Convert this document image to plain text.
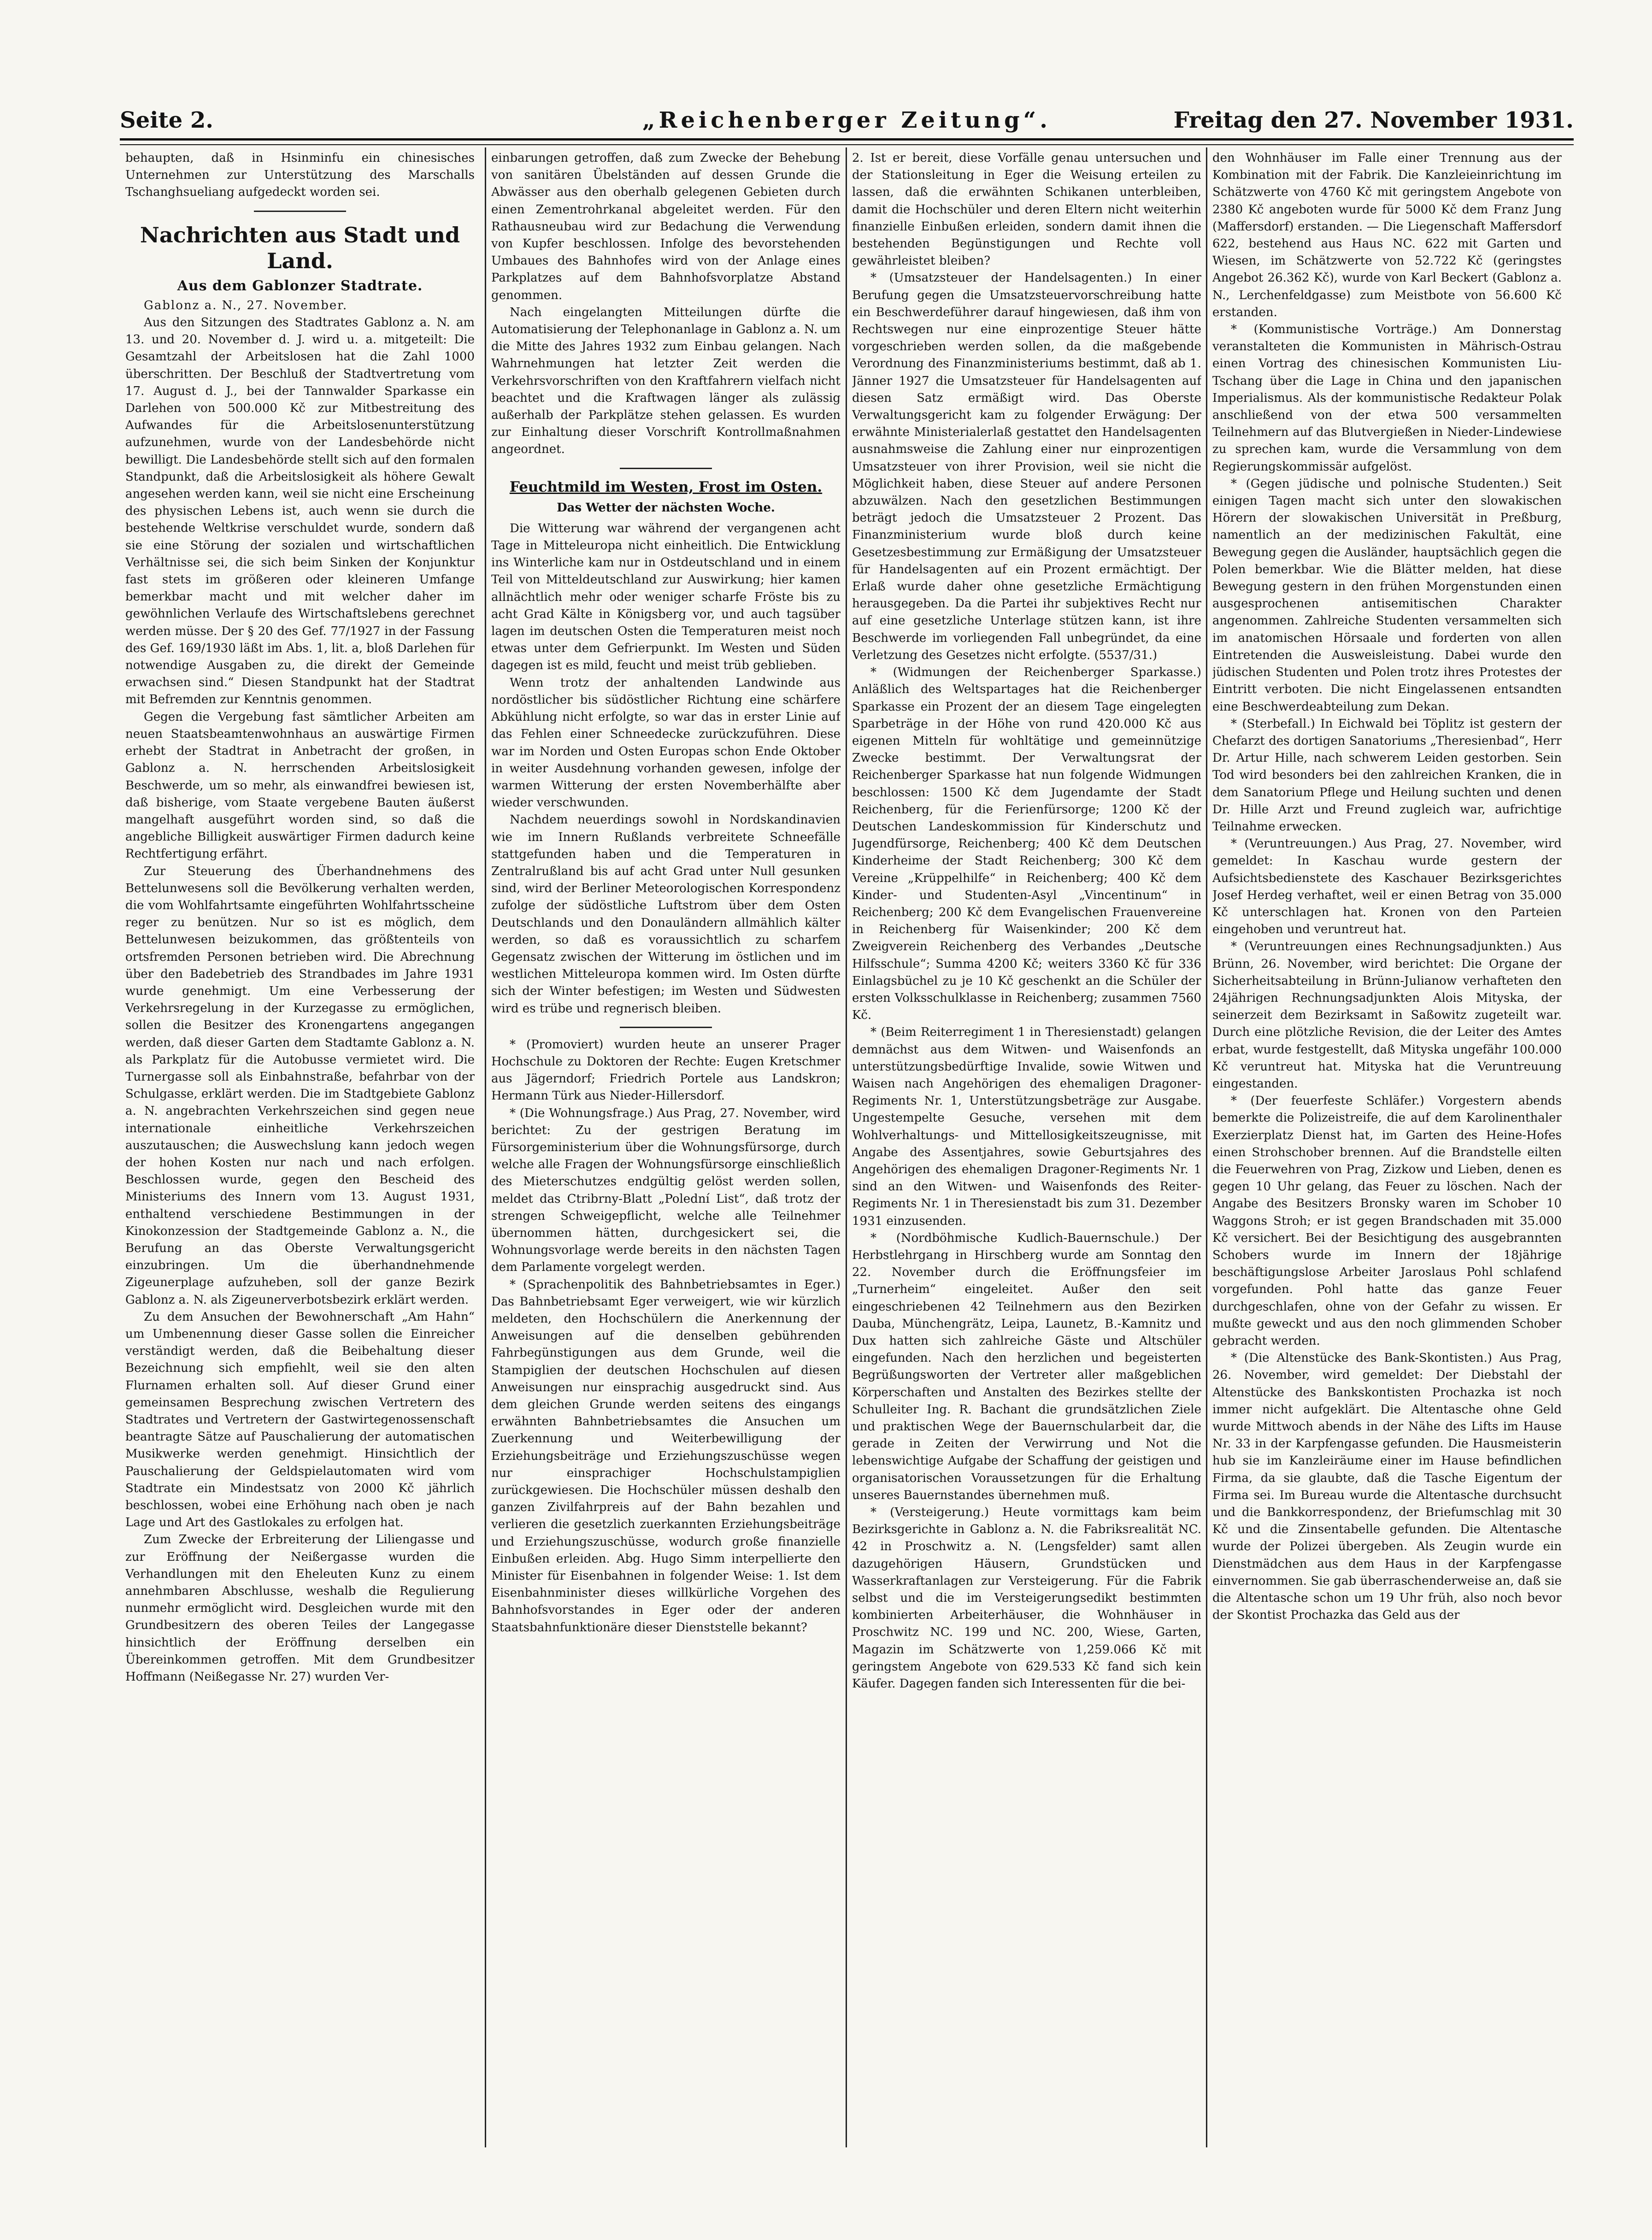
Seite 2.	„Reichenberger Zeitung“.	Freitag den 27. November 1931.

behaupten, daß in Hsinminfu ein chinesisches Unternehmen zur Unterstützung des Marschalls Tschanghsueliang aufgedeckt worden sei.

Nachrichten aus Stadt und Land.
Aus dem Gablonzer Stadtrate.

Gablonz a. N., 27. November.

Aus den Sitzungen des Stadtrates Gablonz a. N. am 13. und 20. November d. J. wird u. a. mitgeteilt: Die Gesamtzahl der Arbeitslosen hat die Zahl 1000 überschritten. Der Beschluß der Stadtvertretung vom 17. August d. J., bei der Tannwalder Sparkasse ein Darlehen von 500.000 Kč zur Mitbestreitung des Aufwandes für die Arbeitslosenunterstützung aufzunehmen, wurde von der Landesbehörde nicht bewilligt. Die Landesbehörde stellt sich auf den formalen Standpunkt, daß die Arbeitslosigkeit als höhere Gewalt angesehen werden kann, weil sie nicht eine Erscheinung des physischen Lebens ist, auch wenn sie durch die bestehende Weltkrise verschuldet wurde, sondern daß sie eine Störung der sozialen und wirtschaftlichen Verhältnisse sei, die sich beim Sinken der Konjunktur fast stets im größeren oder kleineren Umfange bemerkbar macht und mit welcher daher im gewöhnlichen Verlaufe des Wirtschaftslebens gerechnet werden müsse. Der § 20 des Gef. 77/1927 in der Fassung des Gef. 169/1930 läßt im Abs. 1, lit. a, bloß Darlehen für notwendige Ausgaben zu, die direkt der Gemeinde erwachsen sind.“ Diesen Standpunkt hat der Stadtrat mit Befremden zur Kenntnis genommen.

Gegen die Vergebung fast sämtlicher Arbeiten am neuen Staatsbeamtenwohnhaus an auswärtige Firmen erhebt der Stadtrat in Anbetracht der großen, in Gablonz a. N. herrschenden Arbeitslosigkeit Beschwerde, um so mehr, als einwandfrei bewiesen ist, daß bisherige, vom Staate vergebene Bauten äußerst mangelhaft ausgeführt worden sind, so daß die angebliche Billigkeit auswärtiger Firmen dadurch keine Rechtfertigung erfährt.

Zur Steuerung des Überhandnehmens des Bettelunwesens soll die Bevölkerung verhalten werden, die vom Wohlfahrtsamte eingeführten Wohlfahrtsscheine reger zu benützen. Nur so ist es möglich, dem Bettelunwesen beizukommen, das größtenteils von ortsfremden Personen betrieben wird. Die Abrechnung über den Badebetrieb des Strandbades im Jahre 1931 wurde genehmigt. Um eine Verbesserung der Verkehrsregelung in der Kurzegasse zu ermöglichen, sollen die Besitzer des Kronengartens angegangen werden, daß dieser Garten dem Stadtamte Gablonz a. N. als Parkplatz für die Autobusse vermietet wird. Die Turnergasse soll als Einbahnstraße, befahrbar von der Schulgasse, erklärt werden. Die im Stadtgebiete Gablonz a. N. angebrachten Verkehrszeichen sind gegen neue internationale einheitliche Verkehrszeichen auszutauschen; die Auswechslung kann jedoch wegen der hohen Kosten nur nach und nach erfolgen. Beschlossen wurde, gegen den Bescheid des Ministeriums des Innern vom 13. August 1931, enthaltend verschiedene Bestimmungen in der Kinokonzession der Stadtgemeinde Gablonz a. N., die Berufung an das Oberste Verwaltungsgericht einzubringen. Um die überhandnehmende Zigeunerplage aufzuheben, soll der ganze Bezirk Gablonz a. N. als Zigeunerverbotsbezirk erklärt werden.

Zu dem Ansuchen der Bewohnerschaft „Am Hahn“ um Umbenennung dieser Gasse sollen die Einreicher verständigt werden, daß die Beibehaltung dieser Bezeichnung sich empfiehlt, weil sie den alten Flurnamen erhalten soll. Auf dieser Grund einer gemeinsamen Besprechung zwischen Vertretern des Stadtrates und Vertretern der Gastwirtegenossenschaft beantragte Sätze auf Pauschalierung der automatischen Musikwerke werden genehmigt. Hinsichtlich der Pauschalierung der Geldspielautomaten wird vom Stadtrate ein Mindestsatz von 2000 Kč jährlich beschlossen, wobei eine Erhöhung nach oben je nach Lage und Art des Gastlokales zu erfolgen hat.

Zum Zwecke der Erbreiterung der Liliengasse und zur Eröffnung der Neißergasse wurden die Verhandlungen mit den Eheleuten Kunz zu einem annehmbaren Abschlusse, weshalb die Regulierung nunmehr ermöglicht wird. Desgleichen wurde mit den Grundbesitzern des oberen Teiles der Langegasse hinsichtlich der Eröffnung derselben ein Übereinkommen getroffen. Mit dem Grundbesitzer Hoffmann (Neißegasse Nr. 27) wurden Ver-

einbarungen getroffen, daß zum Zwecke der Behebung von sanitären Übelständen auf dessen Grunde die Abwässer aus den oberhalb gelegenen Gebieten durch einen Zementrohrkanal abgeleitet werden. Für den Rathausneubau wird zur Bedachung die Verwendung von Kupfer beschlossen. Infolge des bevorstehenden Umbaues des Bahnhofes wird von der Anlage eines Parkplatzes auf dem Bahnhofsvorplatze Abstand genommen.

Nach eingelangten Mitteilungen dürfte die Automatisierung der Telephonanlage in Gablonz a. N. um die Mitte des Jahres 1932 zum Einbau gelangen. Nach Wahrnehmungen hat letzter Zeit werden die Verkehrsvorschriften von den Kraftfahrern vielfach nicht beachtet und die Kraftwagen länger als zulässig außerhalb der Parkplätze stehen gelassen. Es wurden zur Einhaltung dieser Vorschrift Kontrollmaßnahmen angeordnet.

Feuchtmild im Westen, Frost im Osten.
Das Wetter der nächsten Woche.

Die Witterung war während der vergangenen acht Tage in Mitteleuropa nicht einheitlich. Die Entwicklung ins Winterliche kam nur in Ostdeutschland und in einem Teil von Mitteldeutschland zur Auswirkung; hier kamen allnächtlich mehr oder weniger scharfe Fröste bis zu acht Grad Kälte in Königsberg vor, und auch tagsüber lagen im deutschen Osten die Temperaturen meist noch etwas unter dem Gefrierpunkt. Im Westen und Süden dagegen ist es mild, feucht und meist trüb geblieben.

Wenn trotz der anhaltenden Landwinde aus nordöstlicher bis südöstlicher Richtung eine schärfere Abkühlung nicht erfolgte, so war das in erster Linie auf das Fehlen einer Schneedecke zurückzuführen. Diese war im Norden und Osten Europas schon Ende Oktober in weiter Ausdehnung vorhanden gewesen, infolge der warmen Witterung der ersten Novemberhälfte aber wieder verschwunden.

Nachdem neuerdings sowohl in Nordskandinavien wie im Innern Rußlands verbreitete Schneefälle stattgefunden haben und die Temperaturen in Zentralrußland bis auf acht Grad unter Null gesunken sind, wird der Berliner Meteorologischen Korrespondenz zufolge der südöstliche Luftstrom über dem Osten Deutschlands und den Donauländern allmählich kälter werden, so daß es voraussichtlich zu scharfem Gegensatz zwischen der Witterung im östlichen und im westlichen Mitteleuropa kommen wird. Im Osten dürfte sich der Winter befestigen; im Westen und Südwesten wird es trübe und regnerisch bleiben.

* (Promoviert) wurden heute an unserer Prager Hochschule zu Doktoren der Rechte: Eugen Kretschmer aus Jägerndorf; Friedrich Portele aus Landskron; Hermann Türk aus Nieder-Hillersdorf.

* (Die Wohnungsfrage.) Aus Prag, 27. November, wird berichtet: Zu der gestrigen Beratung im Fürsorgeministerium über die Wohnungsfürsorge, durch welche alle Fragen der Wohnungsfürsorge einschließlich des Mieterschutzes endgültig gelöst werden sollen, meldet das Ctribrny-Blatt „Polední List“, daß trotz der strengen Schweigepflicht, welche alle Teilnehmer übernommen hätten, durchgesickert sei, die Wohnungsvorlage werde bereits in den nächsten Tagen dem Parlamente vorgelegt werden.

* (Sprachenpolitik des Bahnbetriebsamtes in Eger.) Das Bahnbetriebsamt Eger verweigert, wie wir kürzlich meldeten, den Hochschülern die Anerkennung der Anweisungen auf die denselben gebührenden Fahrbegünstigungen aus dem Grunde, weil die Stampiglien der deutschen Hochschulen auf diesen Anweisungen nur einsprachig ausgedruckt sind. Aus dem gleichen Grunde werden seitens des eingangs erwähnten Bahnbetriebsamtes die Ansuchen um Zuerkennung und Weiterbewilligung der Erziehungsbeiträge und Erziehungszuschüsse wegen nur einsprachiger Hochschulstampiglien zurückgewiesen. Die Hochschüler müssen deshalb den ganzen Zivilfahrpreis auf der Bahn bezahlen und verlieren die gesetzlich zuerkannten Erziehungsbeiträge und Erziehungszuschüsse, wodurch große finanzielle Einbußen erleiden. Abg. Hugo Simm interpellierte den Minister für Eisenbahnen in folgender Weise: 1. Ist dem Eisenbahnminister dieses willkürliche Vorgehen des Bahnhofsvorstandes in Eger oder der anderen Staatsbahnfunktionäre dieser Dienststelle bekannt?

2. Ist er bereit, diese Vorfälle genau untersuchen und der Stationsleitung in Eger die Weisung erteilen zu lassen, daß die erwähnten Schikanen unterbleiben, damit die Hochschüler und deren Eltern nicht weiterhin finanzielle Einbußen erleiden, sondern damit ihnen die bestehenden Begünstigungen und Rechte voll gewährleistet bleiben?

* (Umsatzsteuer der Handelsagenten.) In einer Berufung gegen die Umsatzsteuervorschreibung hatte ein Beschwerdeführer darauf hingewiesen, daß ihm von Rechtswegen nur eine einprozentige Steuer hätte vorgeschrieben werden sollen, da die maßgebende Verordnung des Finanzministeriums bestimmt, daß ab 1. Jänner 1927 die Umsatzsteuer für Handelsagenten auf diesen Satz ermäßigt wird. Das Oberste Verwaltungsgericht kam zu folgender Erwägung: Der erwähnte Ministerialerlaß gestattet den Handelsagenten ausnahmsweise die Zahlung einer nur einprozentigen Umsatzsteuer von ihrer Provision, weil sie nicht die Möglichkeit haben, diese Steuer auf andere Personen abzuwälzen. Nach den gesetzlichen Bestimmungen beträgt jedoch die Umsatzsteuer 2 Prozent. Das Finanzministerium wurde bloß durch keine Gesetzesbestimmung zur Ermäßigung der Umsatzsteuer für Handelsagenten auf ein Prozent ermächtigt. Der Erlaß wurde daher ohne gesetzliche Ermächtigung herausgegeben. Da die Partei ihr subjektives Recht nur auf eine gesetzliche Unterlage stützen kann, ist ihre Beschwerde im vorliegenden Fall unbegründet, da eine Verletzung des Gesetzes nicht erfolgte. (5537/31.)

* (Widmungen der Reichenberger Sparkasse.) Anläßlich des Weltspartages hat die Reichenberger Sparkasse ein Prozent der an diesem Tage eingelegten Sparbeträge in der Höhe von rund 420.000 Kč aus eigenen Mitteln für wohltätige und gemeinnützige Zwecke bestimmt. Der Verwaltungsrat der Reichenberger Sparkasse hat nun folgende Widmungen beschlossen: 1500 Kč dem Jugendamte der Stadt Reichenberg, für die Ferienfürsorge; 1200 Kč der Deutschen Landeskommission für Kinderschutz und Jugendfürsorge, Reichenberg; 400 Kč dem Deutschen Kinderheime der Stadt Reichenberg; 300 Kč dem Vereine „Krüppelhilfe“ in Reichenberg; 400 Kč dem Kinder- und Studenten-Asyl „Vincentinum“ in Reichenberg; 200 Kč dem Evangelischen Frauenvereine in Reichenberg für Waisenkinder; 200 Kč dem Zweigverein Reichenberg des Verbandes „Deutsche Hilfsschule“; Summa 4200 Kč; weiters 3360 Kč für 336 Einlagsbüchel zu je 10 Kč geschenkt an die Schüler der ersten Volksschulklasse in Reichenberg; zusammen 7560 Kč.

* (Beim Reiterregiment 1 in Theresienstadt) gelangen demnächst aus dem Witwen- und Waisenfonds an unterstützungsbedürftige Invalide, sowie Witwen und Waisen nach Angehörigen des ehemaligen Dragoner-Regiments Nr. 1, Unterstützungsbeträge zur Ausgabe. Ungestempelte Gesuche, versehen mit dem Wohlverhaltungs- und Mittellosigkeitszeugnisse, mit Angabe des Assentjahres, sowie Geburtsjahres des Angehörigen des ehemaligen Dragoner-Regiments Nr. 1 sind an den Witwen- und Waisenfonds des Reiter-Regiments Nr. 1 in Theresienstadt bis zum 31. Dezember 1931 einzusenden.

* (Nordböhmische Kudlich-Bauernschule.) Der Herbstlehrgang in Hirschberg wurde am Sonntag den 22. November durch die Eröffnungsfeier im „Turnerheim“ eingeleitet. Außer den seit eingeschriebenen 42 Teilnehmern aus den Bezirken Dauba, Münchengrätz, Leipa, Launetz, B.-Kamnitz und Dux hatten sich zahlreiche Gäste und Altschüler eingefunden. Nach den herzlichen und begeisterten Begrüßungsworten der Vertreter aller maßgeblichen Körperschaften und Anstalten des Bezirkes stellte der Schulleiter Ing. R. Bachant die grundsätzlichen Ziele und praktischen Wege der Bauernschularbeit dar, die gerade in Zeiten der Verwirrung und Not die lebenswichtige Aufgabe der Schaffung der geistigen und organisatorischen Voraussetzungen für die Erhaltung unseres Bauernstandes übernehmen muß.

* (Versteigerung.) Heute vormittags kam beim Bezirksgerichte in Gablonz a. N. die Fabriksrealität NC. 42 in Proschwitz a. N. (Lengsfelder) samt allen dazugehörigen Häusern, Grundstücken und Wasserkraftanlagen zur Versteigerung. Für die Fabrik selbst und die im Versteigerungsedikt bestimmten kombinierten Arbeiterhäuser, die Wohnhäuser in Proschwitz NC. 199 und NC. 200, Wiese, Garten, Magazin im Schätzwerte von 1,259.066 Kč mit geringstem Angebote von 629.533 Kč fand sich kein Käufer. Dagegen fanden sich Interessenten für die bei-

den Wohnhäuser im Falle einer Trennung aus der Kombination mit der Fabrik. Die Kanzleieinrichtung im Schätzwerte von 4760 Kč mit geringstem Angebote von 2380 Kč angeboten wurde für 5000 Kč dem Franz Jung (Maffersdorf) erstanden. — Die Liegenschaft Maffersdorf 622, bestehend aus Haus NC. 622 mit Garten und Wiesen, im Schätzwerte von 52.722 Kč (geringstes Angebot 26.362 Kč), wurde von Karl Beckert (Gablonz a. N., Lerchenfeldgasse) zum Meistbote von 56.600 Kč erstanden.

* (Kommunistische Vorträge.) Am Donnerstag veranstalteten die Kommunisten in Mährisch-Ostrau einen Vortrag des chinesischen Kommunisten Liu-Tschang über die Lage in China und den japanischen Imperialismus. Als der kommunistische Redakteur Polak anschließend von der etwa 500 versammelten Teilnehmern auf das Blutvergießen in Nieder-Lindewiese zu sprechen kam, wurde die Versammlung von dem Regierungskommissär aufgelöst.

* (Gegen jüdische und polnische Studenten.) Seit einigen Tagen macht sich unter den slowakischen Hörern der slowakischen Universität in Preßburg, namentlich an der medizinischen Fakultät, eine Bewegung gegen die Ausländer, hauptsächlich gegen die Polen bemerkbar. Wie die Blätter melden, hat diese Bewegung gestern in den frühen Morgenstunden einen ausgesprochenen antisemitischen Charakter angenommen. Zahlreiche Studenten versammelten sich im anatomischen Hörsaale und forderten von allen Eintretenden die Ausweisleistung. Dabei wurde den jüdischen Studenten und Polen trotz ihres Protestes der Eintritt verboten. Die nicht Eingelassenen entsandten eine Beschwerdeabteilung zum Dekan.

* (Sterbefall.) In Eichwald bei Töplitz ist gestern der Chefarzt des dortigen Sanatoriums „Theresienbad“, Herr Dr. Artur Hille, nach schwerem Leiden gestorben. Sein Tod wird besonders bei den zahlreichen Kranken, die in dem Sanatorium Pflege und Heilung suchten und denen Dr. Hille Arzt und Freund zugleich war, aufrichtige Teilnahme erwecken.

* (Veruntreuungen.) Aus Prag, 27. November, wird gemeldet: In Kaschau wurde gestern der Aufsichtsbedienstete des Kaschauer Bezirksgerichtes Josef Herdeg verhaftet, weil er einen Betrag von 35.000 Kč unterschlagen hat. Kronen von den Parteien eingehoben und veruntreut hat.

* (Veruntreuungen eines Rechnungsadjunkten.) Aus Brünn, 26. November, wird berichtet: Die Organe der Sicherheitsabteilung in Brünn-Julianow verhafteten den 24jährigen Rechnungsadjunkten Alois Mityska, der seinerzeit dem Bezirksamt in Saßowitz zugeteilt war. Durch eine plötzliche Revision, die der Leiter des Amtes erbat, wurde festgestellt, daß Mityska ungefähr 100.000 Kč veruntreut hat. Mityska hat die Veruntreuung eingestanden.

* (Der feuerfeste Schläfer.) Vorgestern abends bemerkte die Polizeistreife, die auf dem Karolinenthaler Exerzierplatz Dienst hat, im Garten des Heine-Hofes einen Strohschober brennen. Auf die Brandstelle eilten die Feuerwehren von Prag, Zizkow und Lieben, denen es gegen 10 Uhr gelang, das Feuer zu löschen. Nach der Angabe des Besitzers Bronsky waren im Schober 10 Waggons Stroh; er ist gegen Brandschaden mit 35.000 Kč versichert. Bei der Besichtigung des ausgebrannten Schobers wurde im Innern der 18jährige beschäftigungslose Arbeiter Jaroslaus Pohl schlafend vorgefunden. Pohl hatte das ganze Feuer durchgeschlafen, ohne von der Gefahr zu wissen. Er mußte geweckt und aus den noch glimmenden Schober gebracht werden.

* (Die Altenstücke des Bank-Skontisten.) Aus Prag, 26. November, wird gemeldet: Der Diebstahl der Altenstücke des Bankskontisten Prochazka ist noch immer nicht aufgeklärt. Die Altentasche ohne Geld wurde Mittwoch abends in der Nähe des Lifts im Hause Nr. 33 in der Karpfengasse gefunden. Die Hausmeisterin hub sie im Kanzleiräume einer im Hause befindlichen Firma, da sie glaubte, daß die Tasche Eigentum der Firma sei. Im Bureau wurde die Altentasche durchsucht und die Bankkorrespondenz, der Briefumschlag mit 30 Kč und die Zinsentabelle gefunden. Die Altentasche wurde der Polizei übergeben. Als Zeugin wurde ein Dienstmädchen aus dem Haus in der Karpfengasse einvernommen. Sie gab überraschenderweise an, daß sie die Altentasche schon um 19 Uhr früh, also noch bevor der Skontist Prochazka das Geld aus der
